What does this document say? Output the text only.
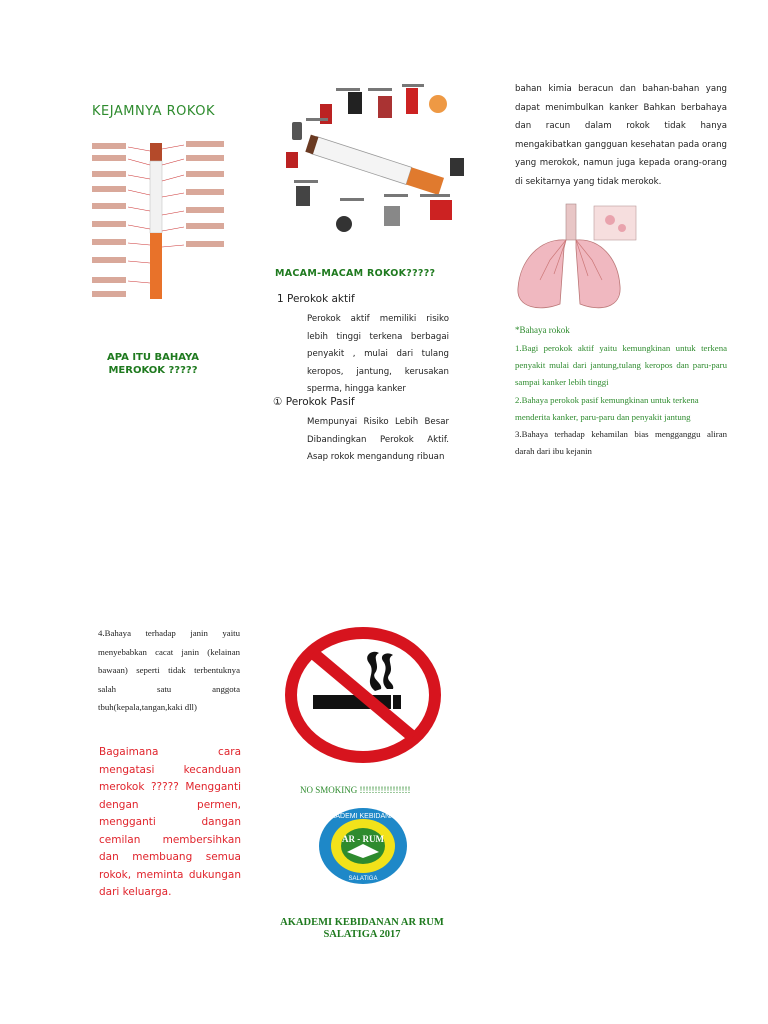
KEJAMNYA ROKOK
APA ITU BAHAYA MEROKOK ?????
MACAM-MACAM ROKOK?????
1 Perokok aktif
Perokok aktif memiliki risiko lebih tinggi terkena berbagai penyakit , mulai dari tulang keropos, jantung, kerusakan sperma, hingga kanker
① Perokok Pasif
Mempunyai Risiko Lebih Besar Dibandingkan Perokok Aktif. Asap rokok mengandung ribuan
bahan kimia beracun dan bahan-bahan yang dapat menimbulkan kanker Bahkan berbahaya dan racun dalam rokok tidak hanya mengakibatkan gangguan kesehatan pada orang yang merokok, namun juga kepada orang-orang di sekitarnya yang tidak merokok.
*Bahaya rokok
1.Bagi perokok aktif yaitu kemungkinan untuk terkena penyakit mulai dari jantung,tulang keropos dan paru-paru sampai kanker lebih tinggi
2.Bahaya perokok pasif kemungkinan untuk terkena menderita kanker, paru-paru dan penyakit jantung
3.Bahaya terhadap kehamilan bias mengganggu aliran darah dari ibu kejanin
4.Bahaya terhadap janin yaitu menyebabkan cacat janin (kelainan bawaan) seperti tidak terbentuknya salah satu anggota tbuh(kepala,tangan,kaki dll)
Bagaimana cara mengatasi kecanduan merokok ????? Mengganti dengan permen, mengganti dangan cemilan membersihkan dan membuang semua rokok, meminta dukungan dari keluarga.
NO SMOKING !!!!!!!!!!!!!!!!!
AR - RUM
AKADEMI KEBIDANAN
SALATIGA
AKADEMI KEBIDANAN AR RUM SALATIGA 2017
